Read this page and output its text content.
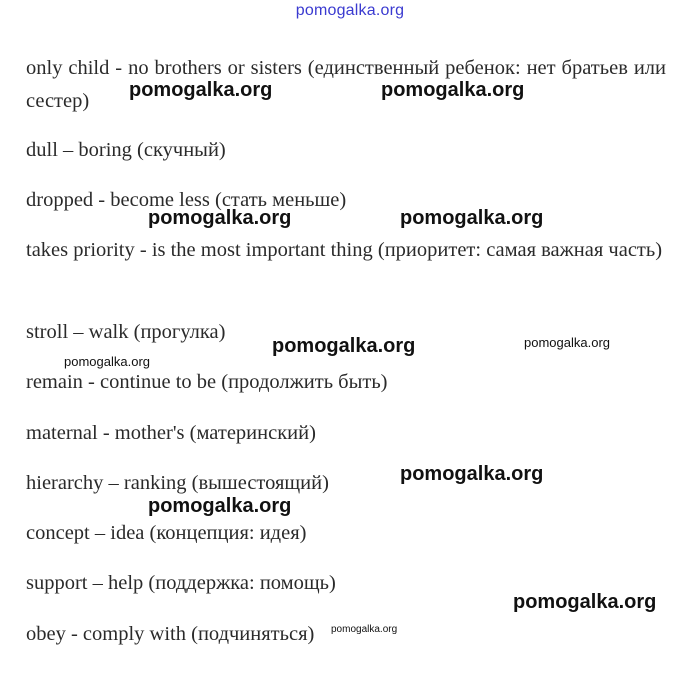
pomogalka.org
only child - no brothers or sisters (единственный ребенок: нет братьев или сестер)
dull – boring (скучный)
dropped - become less (стать меньше)
takes priority - is the most important thing (приоритет: самая важная часть)
stroll – walk (прогулка)
remain - continue to be (продолжить быть)
maternal - mother's (материнский)
hierarchy – ranking (вышестоящий)
concept – idea (концепция: идея)
support – help (поддержка: помощь)
obey - comply with (подчиняться)
pomogalka.org	pomogalka.org
pomogalka.org	pomogalka.org
pomogalka.org	pomogalka.org
pomogalka.org
pomogalka.org
pomogalka.org
pomogalka.org
pomogalka.org
